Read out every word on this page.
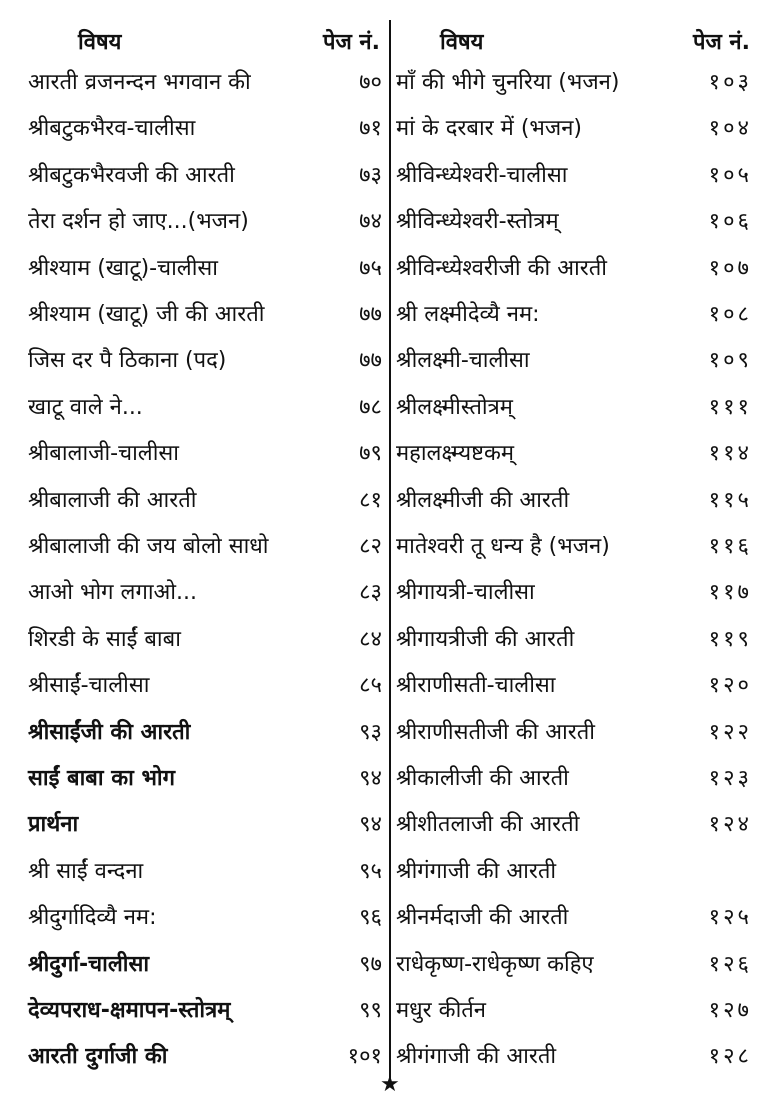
विषय	पेज नं.	विषय	पेज नं.
★
आरती व्रजनन्दन भगवान की	७० माँ की भीगे चुनरिया (भजन)	१०३
श्रीबटुकभैरव-चालीसा	७१ मां के दरबार में (भजन)	१०४
श्रीबटुकभैरवजी की आरती	७३ श्रीविन्ध्येश्वरी-चालीसा	१०५
तेरा दर्शन हो जाए...(भजन)	७४ श्रीविन्ध्येश्वरी-स्तोत्रम्	१०६
श्रीश्याम (खाटू)-चालीसा	७५ श्रीविन्ध्येश्वरीजी की आरती	१०७
श्रीश्याम (खाटू) जी की आरती	७७ श्री लक्ष्मीदेव्यै नम:	१०८
जिस दर पै ठिकाना (पद)	७७ श्रीलक्ष्मी-चालीसा	१०९
खाटू वाले ने...	७८ श्रीलक्ष्मीस्तोत्रम्	१११
श्रीबालाजी-चालीसा	७९ महालक्ष्म्यष्टकम्	११४
श्रीबालाजी की आरती	८१ श्रीलक्ष्मीजी की आरती	११५
श्रीबालाजी की जय बोलो साधो	८२ मातेश्वरी तू धन्य है (भजन)	११६
आओ भोग लगाओ...	८३ श्रीगायत्री-चालीसा	११७
शिरडी के साईं बाबा	८४ श्रीगायत्रीजी की आरती	११९
श्रीसाईं-चालीसा	८५ श्रीराणीसती-चालीसा	१२०
श्रीसाईंजी की आरती	९३ श्रीराणीसतीजी की आरती	१२२
साईं बाबा का भोग	९४ श्रीकालीजी की आरती	१२३
प्रार्थना	९४ श्रीशीतलाजी की आरती	१२४
श्री साईं वन्दना	९५ श्रीगंगाजी की आरती
श्रीदुर्गादिव्यै नम:	९६ श्रीनर्मदाजी की आरती	१२५
श्रीदुर्गा-चालीसा	९७ राधेकृष्ण-राधेकृष्ण कहिए	१२६
देव्यपराध-क्षमापन-स्तोत्रम्	९९ मधुर कीर्तन	१२७
आरती दुर्गाजी की	१०१ श्रीगंगाजी की आरती	१२८
